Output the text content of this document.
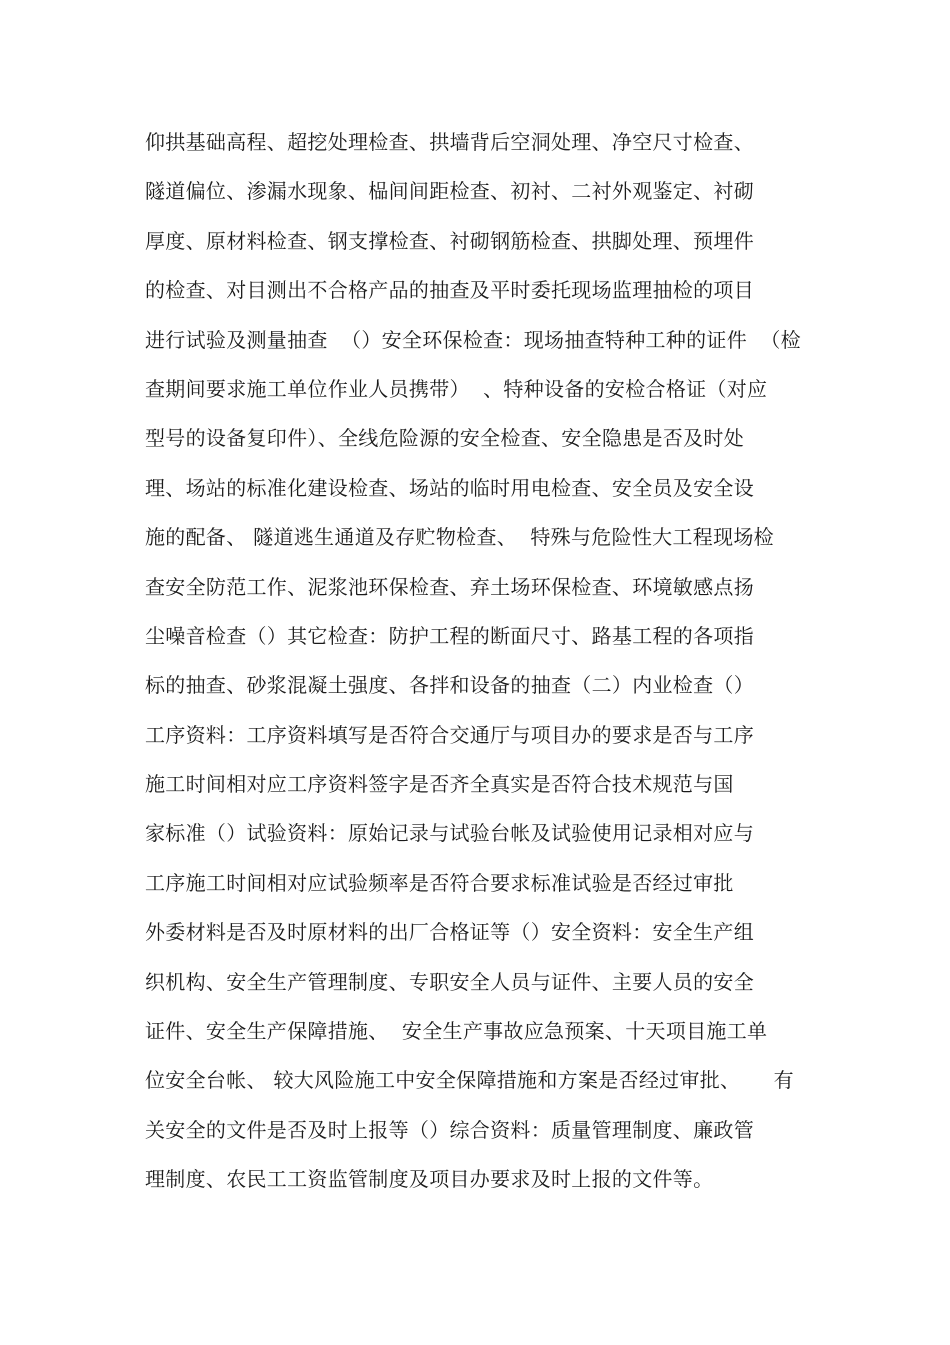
仰拱基础高程、超挖处理检查、拱墙背后空洞处理、净空尺寸检查、
隧道偏位、渗漏水现象、榀间间距检查、初衬、二衬外观鉴定、衬砌
厚度、原材料检查、钢支撑检查、衬砌钢筋检查、拱脚处理、预埋件
的检查、对目测出不合格产品的抽查及平时委托现场监理抽检的项目
进行试验及测量抽查  （）安全环保检查：现场抽查特种工种的证件  （检
查期间要求施工单位作业人员携带）  、特种设备的安检合格证（对应
型号的设备复印件）、全线危险源的安全检查、安全隐患是否及时处
理、场站的标准化建设检查、场站的临时用电检查、安全员及安全设
施的配备、 隧道逃生通道及存贮物检查、  特殊与危险性大工程现场检
查安全防范工作、泥浆池环保检查、弃土场环保检查、环境敏感点扬
尘噪音检查（）其它检查：防护工程的断面尺寸、路基工程的各项指
标的抽查、砂浆混凝土强度、各拌和设备的抽查（二）内业检查（）
工序资料：工序资料填写是否符合交通厅与项目办的要求是否与工序
施工时间相对应工序资料签字是否齐全真实是否符合技术规范与国
家标准（）试验资料：原始记录与试验台帐及试验使用记录相对应与
工序施工时间相对应试验频率是否符合要求标准试验是否经过审批
外委材料是否及时原材料的出厂合格证等（）安全资料：安全生产组
织机构、安全生产管理制度、专职安全人员与证件、主要人员的安全
证件、安全生产保障措施、  安全生产事故应急预案、十天项目施工单
位安全台帐、 较大风险施工中安全保障措施和方案是否经过审批、     有
关安全的文件是否及时上报等（）综合资料：质量管理制度、廉政管
理制度、农民工工资监管制度及项目办要求及时上报的文件等。
